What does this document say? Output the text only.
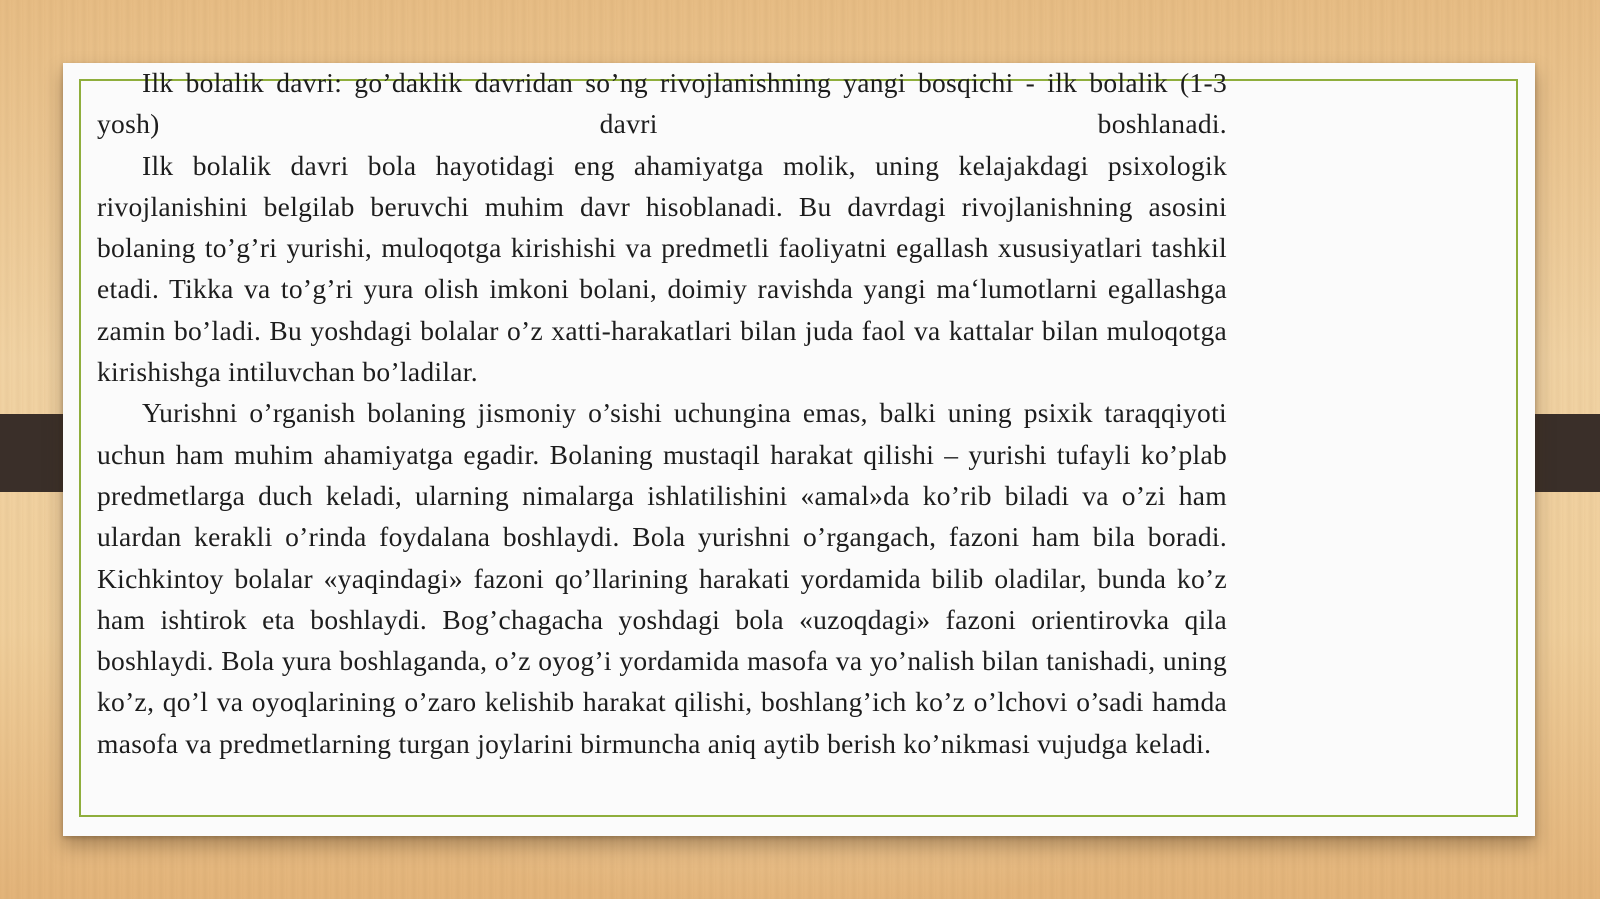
Ilk bolalik davri: go’daklik davridan so’ng rivojlanishning yangi bosqichi - ilk bolalik (1-3 yosh) davri boshlanadi.

Ilk bolalik davri bola hayotidagi eng ahamiyatga molik, uning kelajakdagi psixologik rivojlanishini belgilab beruvchi muhim davr hisoblanadi. Bu davrdagi rivojlanishning asosini bolaning to’g’ri yurishi, muloqotga kirishishi va predmetli faoliyatni egallash xususiyatlari tashkil etadi. Tikka va to’g’ri yura olish imkoni bolani, doimiy ravishda yangi ma‘lumotlarni egallashga zamin bo’ladi. Bu yoshdagi bolalar o’z xatti-harakatlari bilan juda faol va kattalar bilan muloqotga kirishishga intiluvchan bo’ladilar.

Yurishni o’rganish bolaning jismoniy o’sishi uchungina emas, balki uning psixik taraqqiyoti uchun ham muhim ahamiyatga egadir. Bolaning mustaqil harakat qilishi – yurishi tufayli ko’plab predmetlarga duch keladi, ularning nimalarga ishlatilishini «amal»da ko’rib biladi va o’zi ham ulardan kerakli o’rinda foydalana boshlaydi. Bola yurishni o’rgangach, fazoni ham bila boradi. Kichkintoy bolalar «yaqindagi» fazoni qo’llarining harakati yordamida bilib oladilar, bunda ko’z ham ishtirok eta boshlaydi. Bog’chagacha yoshdagi bola «uzoqdagi» fazoni orientirovka qila boshlaydi. Bola yura boshlaganda, o’z oyog’i yordamida masofa va yo’nalish bilan tanishadi, uning ko’z, qo’l va oyoqlarining o’zaro kelishib harakat qilishi, boshlang’ich ko’z o’lchovi o’sadi hamda masofa va predmetlarning turgan joylarini birmuncha aniq aytib berish ko’nikmasi vujudga keladi.
